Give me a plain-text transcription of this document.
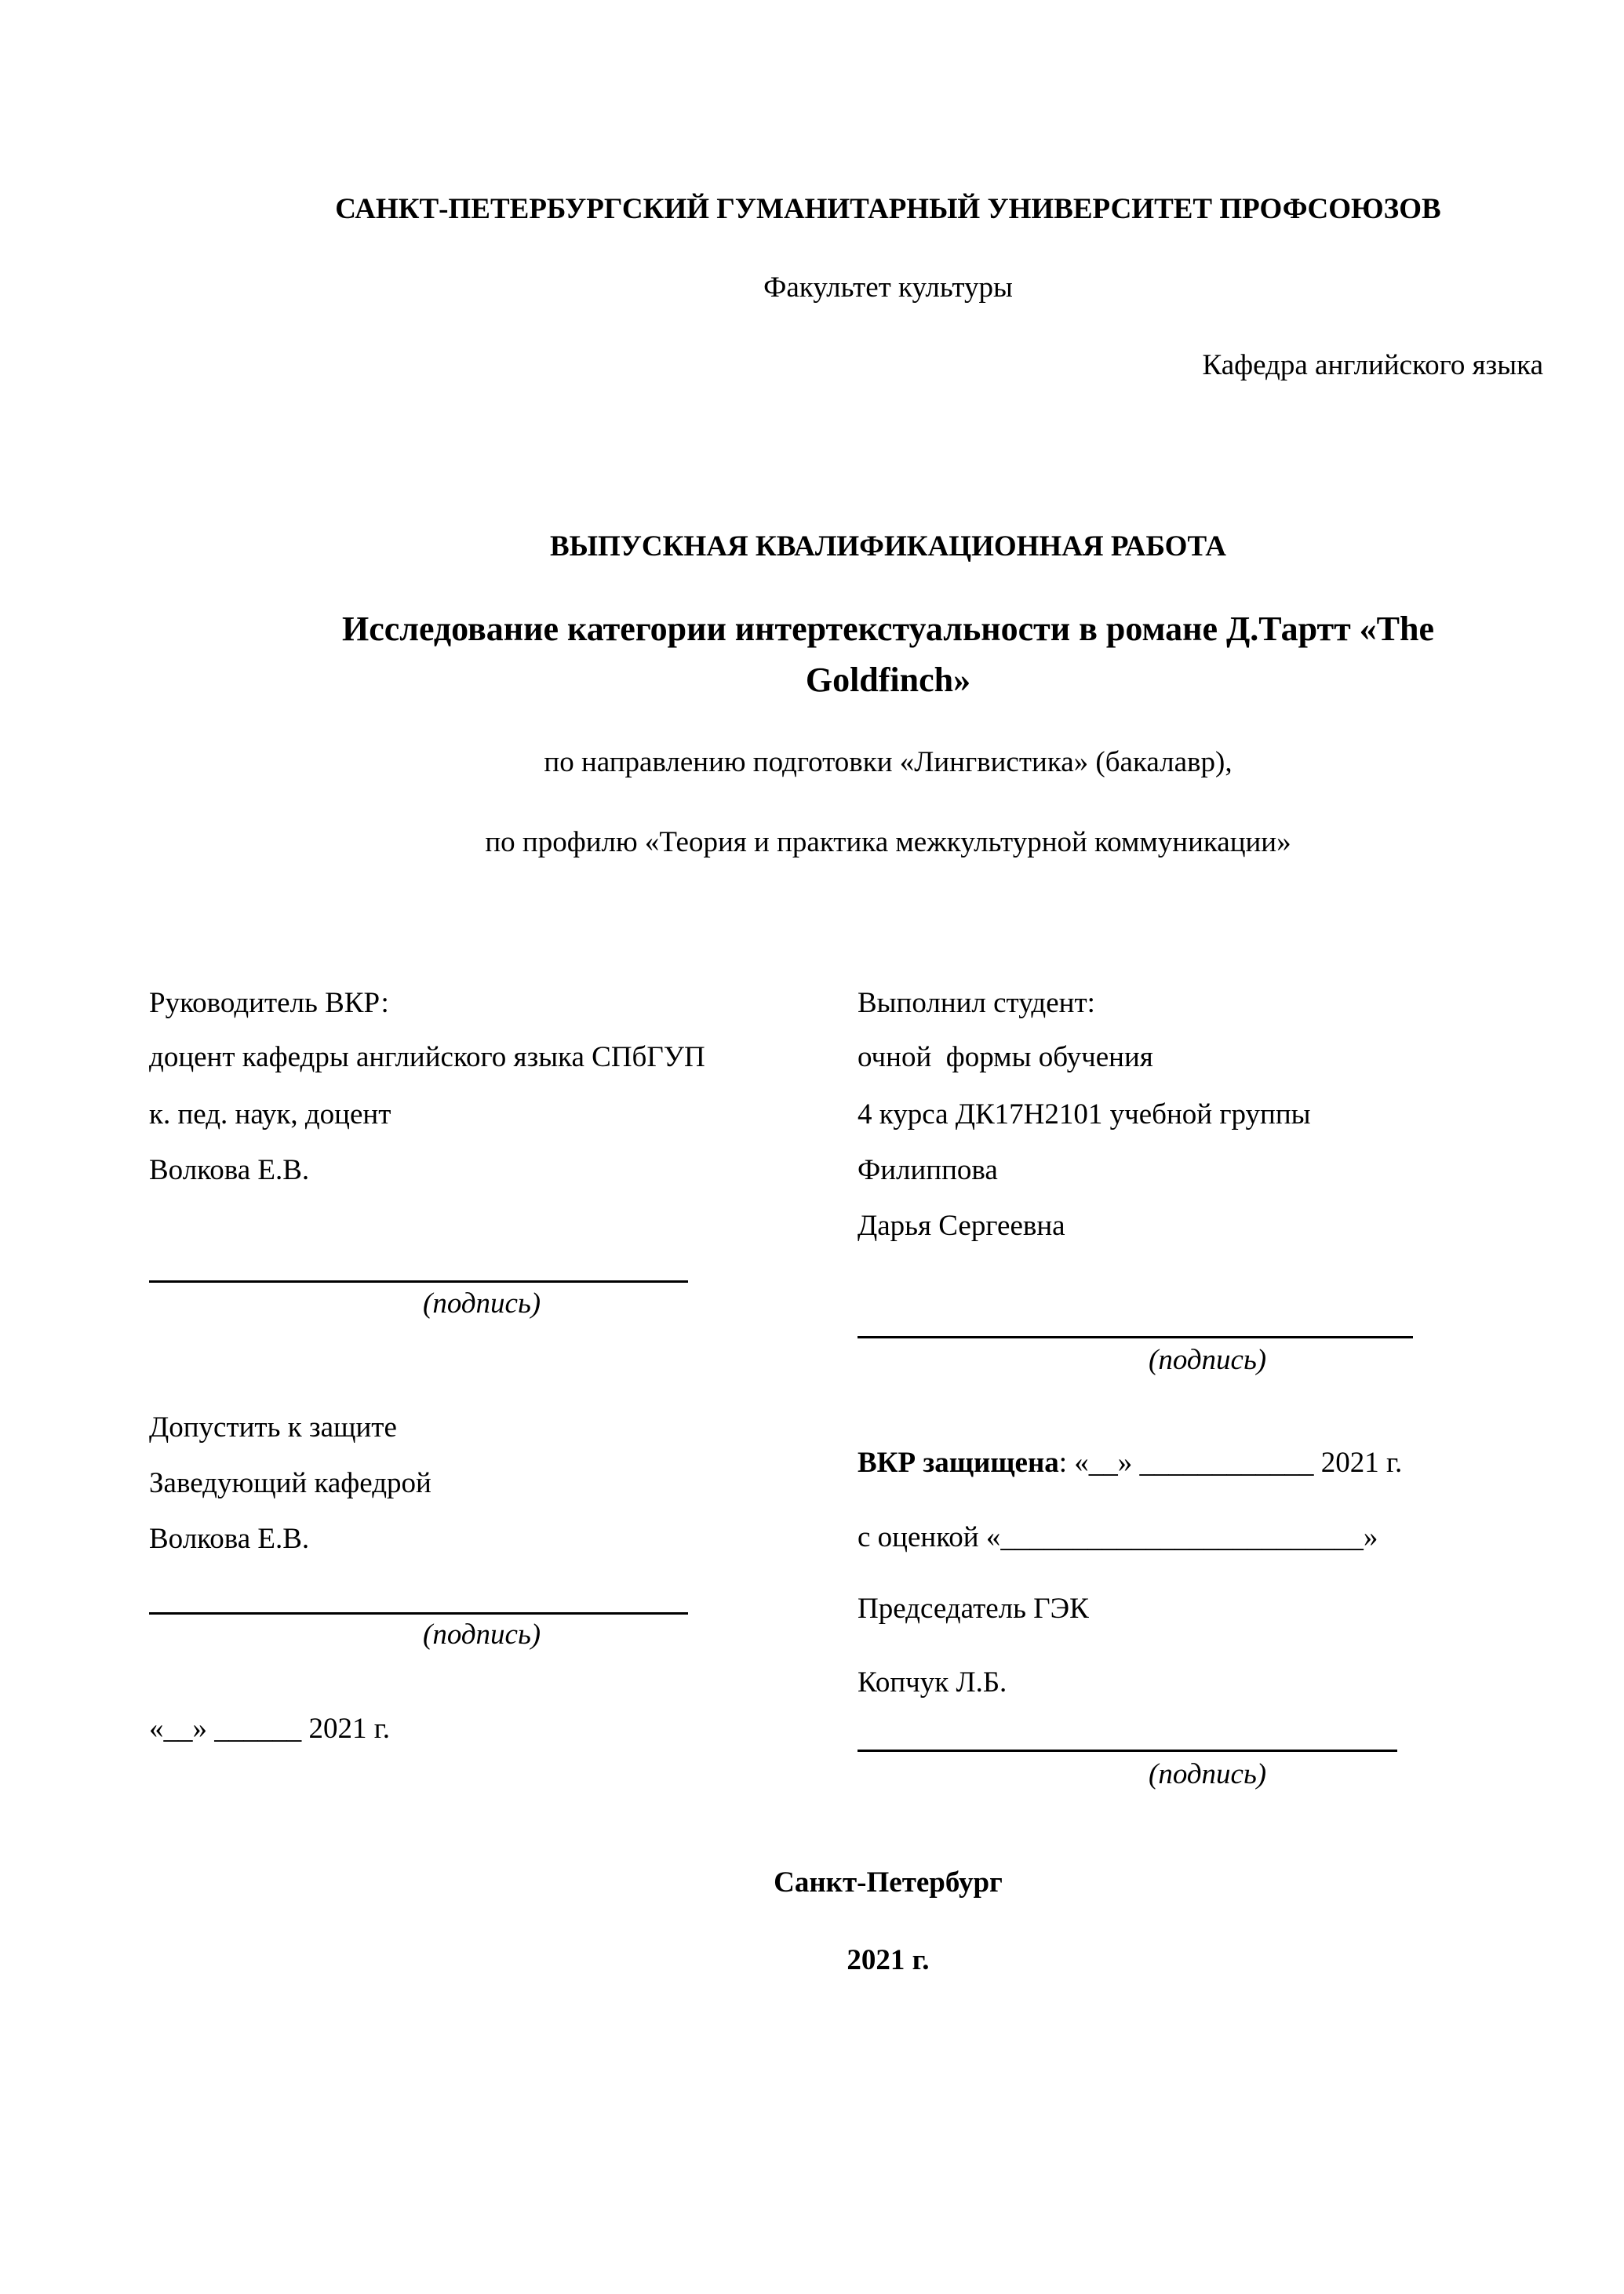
САНКТ-ПЕТЕРБУРГСКИЙ ГУМАНИТАРНЫЙ УНИВЕРСИТЕТ ПРОФСОЮЗОВ
Факультет культуры
Кафедра английского языка
ВЫПУСКНАЯ КВАЛИФИКАЦИОННАЯ РАБОТА
Исследование категории интертекстуальности в романе Д.Тартт «The
Goldfinch»
по направлению подготовки «Лингвистика» (бакалавр),
по профилю «Теория и практика межкультурной коммуникации»
Руководитель ВКР:
доцент кафедры английского языка СПбГУП
к. пед. наук, доцент
Волкова Е.В.
(подпись)
Допустить к защите
Заведующий кафедрой
Волкова Е.В.
(подпись)
«__» ______ 2021 г.
Выполнил студент:
очной  формы обучения
4 курса ДК17Н2101 учебной группы
Филиппова
Дарья Сергеевна
(подпись)
ВКР защищена: «__» ____________ 2021 г.
с оценкой «_________________________»
Председатель ГЭК
Копчук Л.Б.
(подпись)
Санкт-Петербург
2021 г.
